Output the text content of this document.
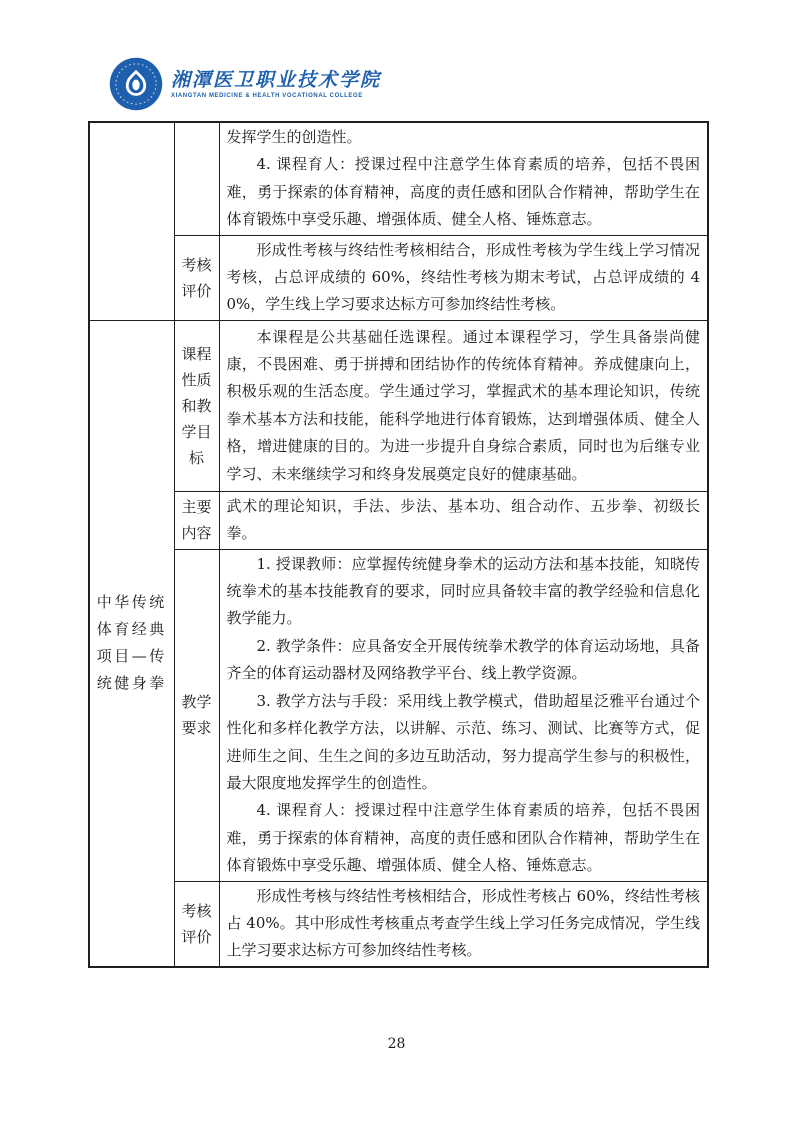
湘潭医卫职业技术学院
XIANGTAN MEDICINE & HEALTH VOCATIONAL COLLEGE

		发挥学生的创造性。

4. 课程育人：授课过程中注意学生体育素质的培养，包括不畏困难，勇于探索的体育精神，高度的责任感和团队合作精神，帮助学生在体育锻炼中享受乐趣、增强体质、健全人格、锤炼意志。

	考核评价	形成性考核与终结性考核相结合，形成性考核为学生线上学习情况考核，占总评成绩的 60%，终结性考核为期末考试，占总评成绩的 40%，学生线上学习要求达标方可参加终结性考核。

中华传统体育经典项目—传统健身拳	课程性质和教学目标	本课程是公共基础任选课程。通过本课程学习，学生具备崇尚健康，不畏困难、勇于拼搏和团结协作的传统体育精神。养成健康向上，积极乐观的生活态度。学生通过学习，掌握武术的基本理论知识，传统拳术基本方法和技能，能科学地进行体育锻炼，达到增强体质、健全人格，增进健康的目的。为进一步提升自身综合素质，同时也为后继专业学习、未来继续学习和终身发展奠定良好的健康基础。

	主要内容	武术的理论知识，手法、步法、基本功、组合动作、五步拳、初级长拳。

	教学要求	1. 授课教师：应掌握传统健身拳术的运动方法和基本技能，知晓传统拳术的基本技能教育的要求，同时应具备较丰富的教学经验和信息化教学能力。

2. 教学条件：应具备安全开展传统拳术教学的体育运动场地，具备齐全的体育运动器材及网络教学平台、线上教学资源。

3. 教学方法与手段：采用线上教学模式，借助超星泛雅平台通过个性化和多样化教学方法，以讲解、示范、练习、测试、比赛等方式，促进师生之间、生生之间的多边互助活动，努力提高学生参与的积极性，最大限度地发挥学生的创造性。

4. 课程育人：授课过程中注意学生体育素质的培养，包括不畏困难，勇于探索的体育精神，高度的责任感和团队合作精神，帮助学生在体育锻炼中享受乐趣、增强体质、健全人格、锤炼意志。

	考核评价	形成性考核与终结性考核相结合，形成性考核占 60%，终结性考核占 40%。其中形成性考核重点考查学生线上学习任务完成情况，学生线上学习要求达标方可参加终结性考核。

28
